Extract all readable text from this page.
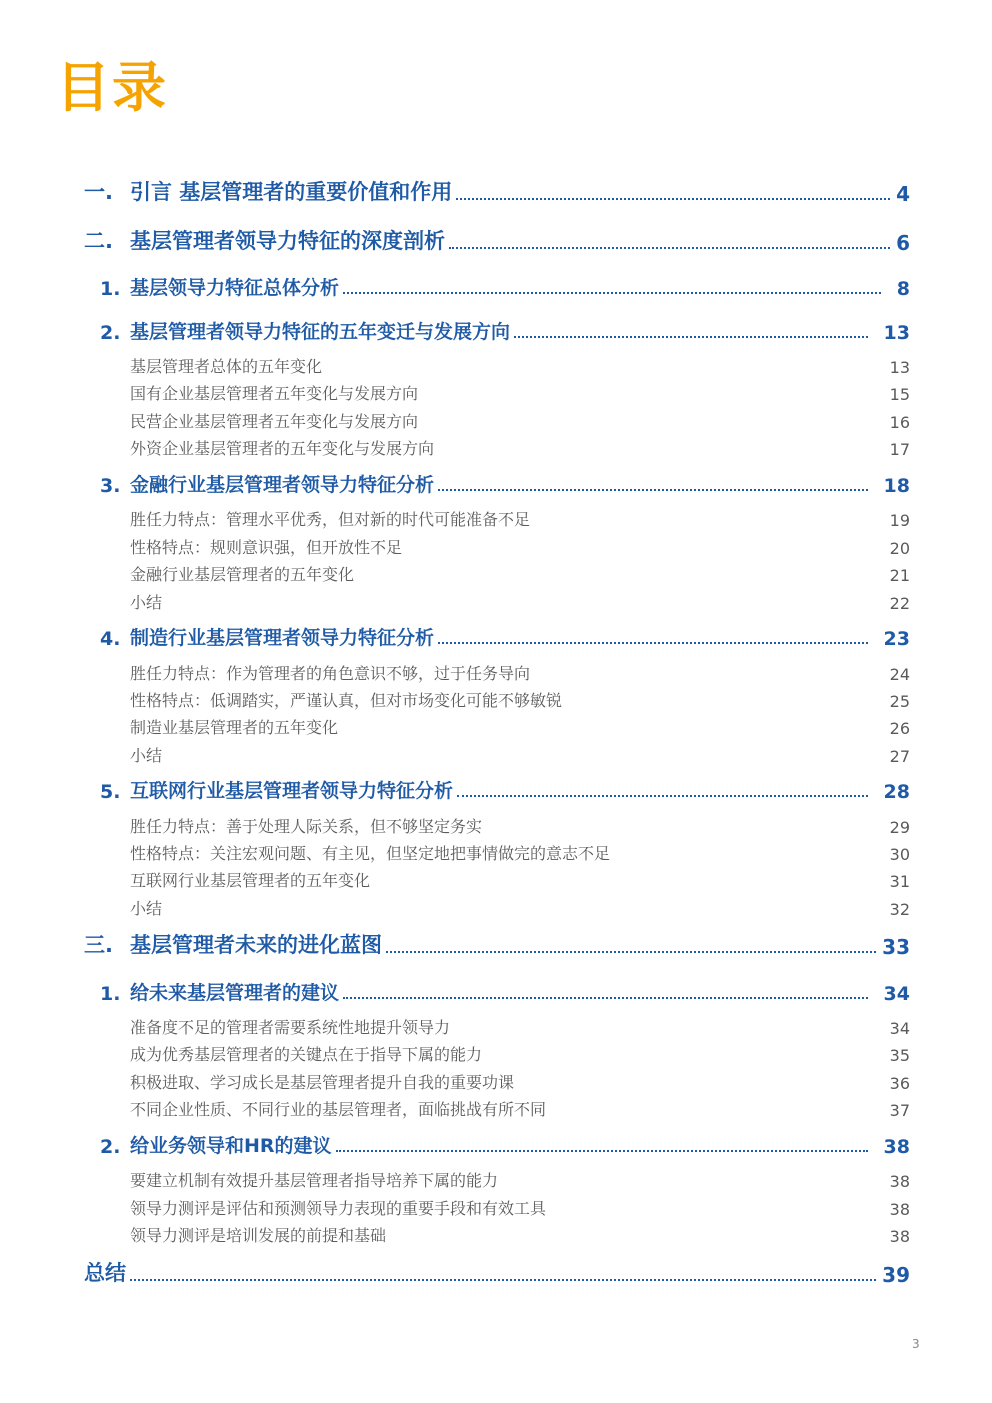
目录
一. 引言 基层管理者的重要价值和作用	4
二. 基层管理者领导力特征的深度剖析	6
1. 基层领导力特征总体分析	8
2. 基层管理者领导力特征的五年变迁与发展方向	13
基层管理者总体的五年变化	13
国有企业基层管理者五年变化与发展方向	15
民营企业基层管理者五年变化与发展方向	16
外资企业基层管理者的五年变化与发展方向	17
3. 金融行业基层管理者领导力特征分析	18
胜任力特点：管理水平优秀，但对新的时代可能准备不足	19
性格特点：规则意识强，但开放性不足	20
金融行业基层管理者的五年变化	21
小结	22
4. 制造行业基层管理者领导力特征分析	23
胜任力特点：作为管理者的角色意识不够，过于任务导向	24
性格特点：低调踏实，严谨认真，但对市场变化可能不够敏锐	25
制造业基层管理者的五年变化	26
小结	27
5. 互联网行业基层管理者领导力特征分析	28
胜任力特点：善于处理人际关系，但不够坚定务实	29
性格特点：关注宏观问题、有主见，但坚定地把事情做完的意志不足	30
互联网行业基层管理者的五年变化	31
小结	32
三. 基层管理者未来的进化蓝图	33
1. 给未来基层管理者的建议	34
准备度不足的管理者需要系统性地提升领导力	34
成为优秀基层管理者的关键点在于指导下属的能力	35
积极进取、学习成长是基层管理者提升自我的重要功课	36
不同企业性质、不同行业的基层管理者，面临挑战有所不同	37
2. 给业务领导和HR的建议	38
要建立机制有效提升基层管理者指导培养下属的能力	38
领导力测评是评估和预测领导力表现的重要手段和有效工具	38
领导力测评是培训发展的前提和基础	38
总结	39
3
